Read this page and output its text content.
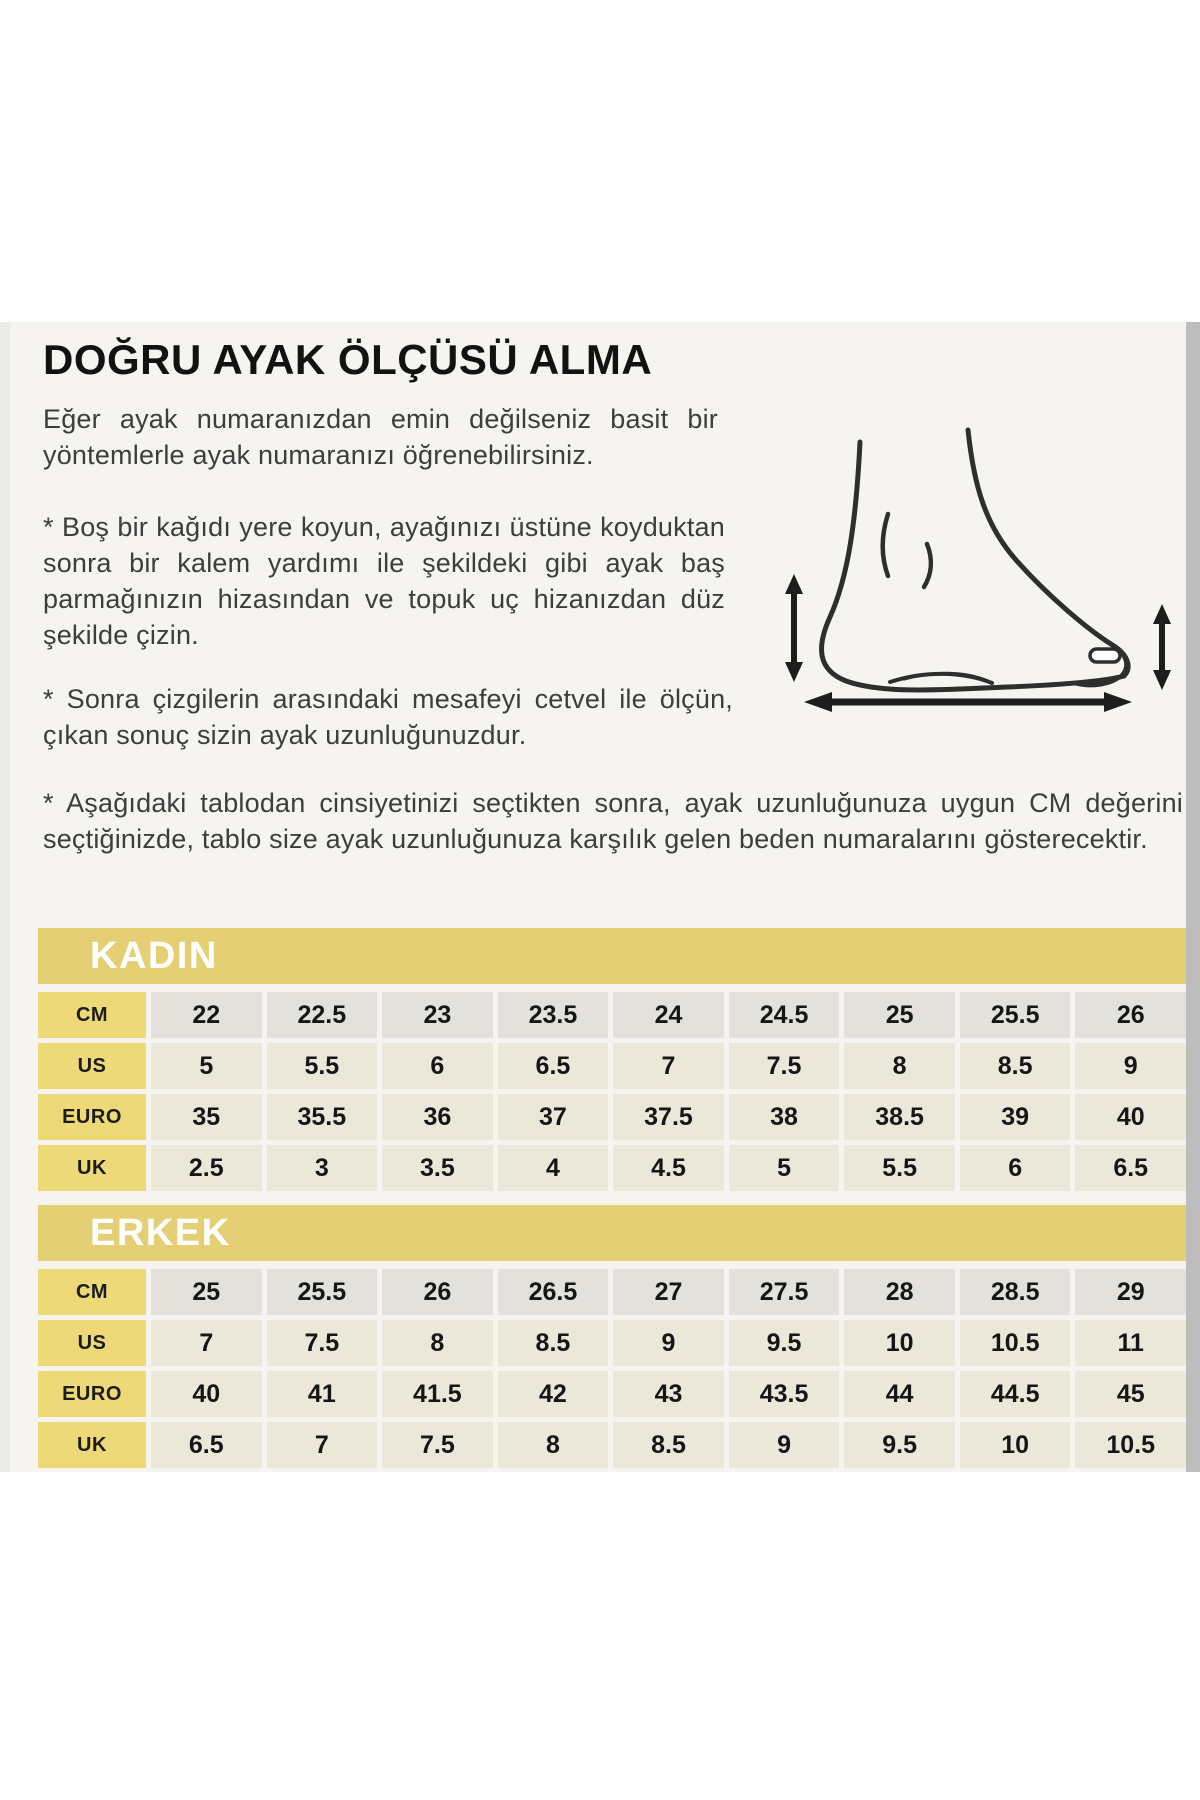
DOĞRU AYAK ÖLÇÜSÜ ALMA

Eğer ayak numaranızdan emin değilseniz basit bir yöntemlerle ayak numaranızı öğrenebilirsiniz.

* Boş bir kağıdı yere koyun, ayağınızı üstüne koyduktan sonra bir kalem yardımı ile şekildeki gibi ayak baş parmağınızın hizasından ve topuk uç hizanızdan düz şekilde çizin.

* Sonra çizgilerin arasındaki mesafeyi cetvel ile ölçün, çıkan sonuç sizin ayak uzunluğunuzdur.

* Aşağıdaki tablodan cinsiyetinizi seçtikten sonra, ayak uzunluğunuza uygun CM değerini seçtiğinizde, tablo size ayak uzunluğunuza karşılık gelen beden numaralarını gösterecektir.

KADIN
CM	22	22.5	23	23.5	24	24.5	25	25.5	26
US	5	5.5	6	6.5	7	7.5	8	8.5	9
EURO	35	35.5	36	37	37.5	38	38.5	39	40
UK	2.5	3	3.5	4	4.5	5	5.5	6	6.5
ERKEK
CM	25	25.5	26	26.5	27	27.5	28	28.5	29
US	7	7.5	8	8.5	9	9.5	10	10.5	11
EURO	40	41	41.5	42	43	43.5	44	44.5	45
UK	6.5	7	7.5	8	8.5	9	9.5	10	10.5
